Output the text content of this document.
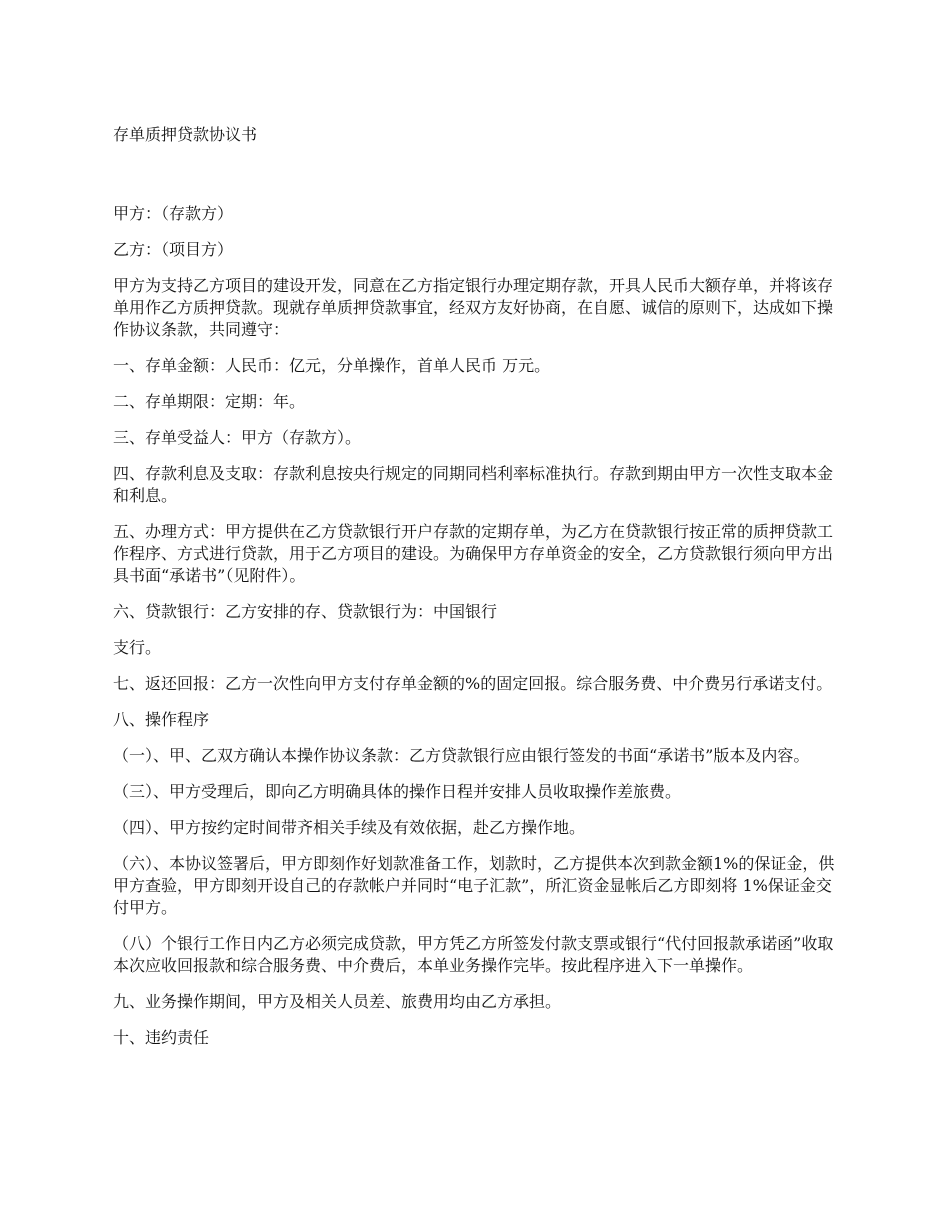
存单质押贷款协议书

甲方：（存款方）

乙方：（项目方）

甲方为支持乙方项目的建设开发，同意在乙方指定银行办理定期存款，开具人民币大额存单，并将该存单用作乙方质押贷款。现就存单质押贷款事宜，经双方友好协商，在自愿、诚信的原则下，达成如下操作协议条款，共同遵守：

一、存单金额：人民币：亿元，分单操作，首单人民币 万元。

二、存单期限：定期：年。

三、存单受益人：甲方（存款方）。

四、存款利息及支取：存款利息按央行规定的同期同档利率标准执行。存款到期由甲方一次性支取本金和利息。

五、办理方式：甲方提供在乙方贷款银行开户存款的定期存单，为乙方在贷款银行按正常的质押贷款工作程序、方式进行贷款，用于乙方项目的建设。为确保甲方存单资金的安全，乙方贷款银行须向甲方出具书面“承诺书”（见附件）。

六、贷款银行：乙方安排的存、贷款银行为：中国银行

支行。

七、返还回报：乙方一次性向甲方支付存单金额的%的固定回报。综合服务费、中介费另行承诺支付。

八、操作程序

（一）、甲、乙双方确认本操作协议条款：乙方贷款银行应由银行签发的书面“承诺书”版本及内容。

（三）、甲方受理后，即向乙方明确具体的操作日程并安排人员收取操作差旅费。

（四）、甲方按约定时间带齐相关手续及有效依据，赴乙方操作地。

（六）、本协议签署后，甲方即刻作好划款准备工作，划款时，乙方提供本次到款金额1%的保证金，供甲方查验，甲方即刻开设自己的存款帐户并同时“电子汇款”，所汇资金显帐后乙方即刻将 1%保证金交付甲方。

（八）个银行工作日内乙方必须完成贷款，甲方凭乙方所签发付款支票或银行“代付回报款承诺函”收取本次应收回报款和综合服务费、中介费后，本单业务操作完毕。按此程序进入下一单操作。

九、业务操作期间，甲方及相关人员差、旅费用均由乙方承担。

十、违约责任
